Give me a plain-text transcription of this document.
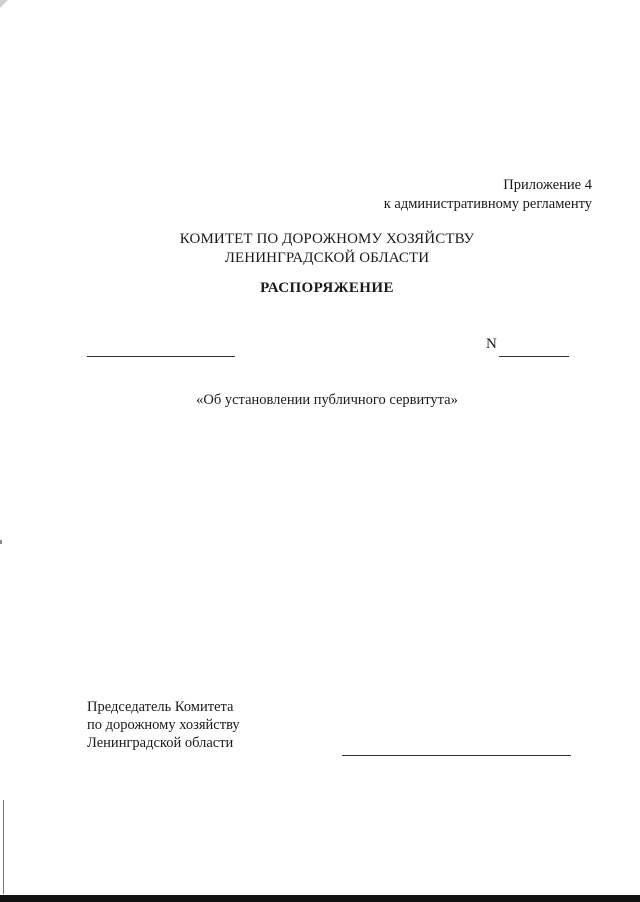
Приложение 4
к административному регламенту
КОМИТЕТ ПО ДОРОЖНОМУ ХОЗЯЙСТВУ
ЛЕНИНГРАДСКОЙ ОБЛАСТИ
РАСПОРЯЖЕНИЕ
N
«Об установлении публичного сервитута»
Председатель Комитета
по дорожному хозяйству
Ленинградской области
